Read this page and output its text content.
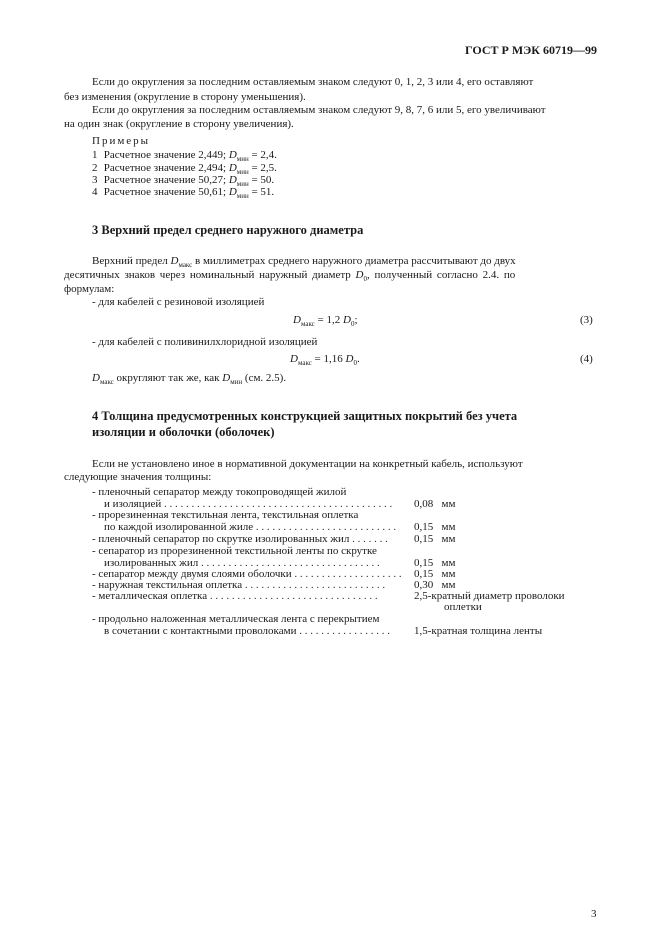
ГОСТ Р МЭК 60719—99
Если до округления за последним оставляемым знаком следуют 0, 1, 2, 3 или 4, его оставляют
без изменения (округление в сторону уменьшения).
Если до округления за последним оставляемым знаком следуют 9, 8, 7, 6 или 5, его увеличивают
на один знак (округление в сторону увеличения).
Примеры
1 Расчетное значение 2,449; $D_{мин} = 2,4$.
2 Расчетное значение 2,494; $D_{мин} = 2,5$.
3 Расчетное значение 50,27; $D_{мин} = 50$.
4 Расчетное значение 50,61; $D_{мин} = 51$.
3 Верхний предел среднего наружного диаметра
Верхний предел $D_{макс}$ в миллиметрах среднего наружного диаметра рассчитывают до двух
десятичных знаков через номинальный наружный диаметр $D_0$, полученный согласно 2.4. по
формулам:
- для кабелей с резиновой изоляцией
$D_{макс} = 1,2$ $D_0$;	(3)
- для кабелей с поливинилхлоридной изоляцией
$D_{макс} = 1,16$ $D_0$.	(4)
$D_{макс}$ округляют так же, как $D_{мин}$ (см. 2.5).
4 Толщина предусмотренных конструкцией защитных покрытий без учета
изоляции и оболочки (оболочек)
Если не установлено иное в нормативной документации на конкретный кабель, используют
следующие значения толщины:
- пленочный сепаратор между токопроводящей жилой
и изоляцией . . . . . . . . . . . . . . . . . . . . . . . . . . . . . . . . . . . . . . . . . . 0,08 мм
- прорезиненная текстильная лента, текстильная оплетка
по каждой изолированной жиле . . . . . . . . . . . . . . . . . . . . . . . . . . 0,15 мм
- пленочный сепаратор по скрутке изолированных жил . . . . . . . 0,15 мм
- сепаратор из прорезиненной текстильной ленты по скрутке
изолированных жил . . . . . . . . . . . . . . . . . . . . . . . . . . . . . . . . .	0,15 мм
- сепаратор между двумя слоями оболочки . . . . . . . . . . . . . . . . . . . . 0,15 мм
- наружная текстильная оплетка . . . . . . . . . . . . . . . . . . . . . . . . . .	0,30 мм
- металлическая оплетка . . . . . . . . . . . . . . . . . . . . . . . . . . . . . . .	2,5-кратный диаметр проволоки
оплетки
- продольно наложенная металлическая лента с перекрытием
в сочетании с контактными проволоками . . . . . . . . . . . . . . . . . 1,5-кратная толщина ленты
3
